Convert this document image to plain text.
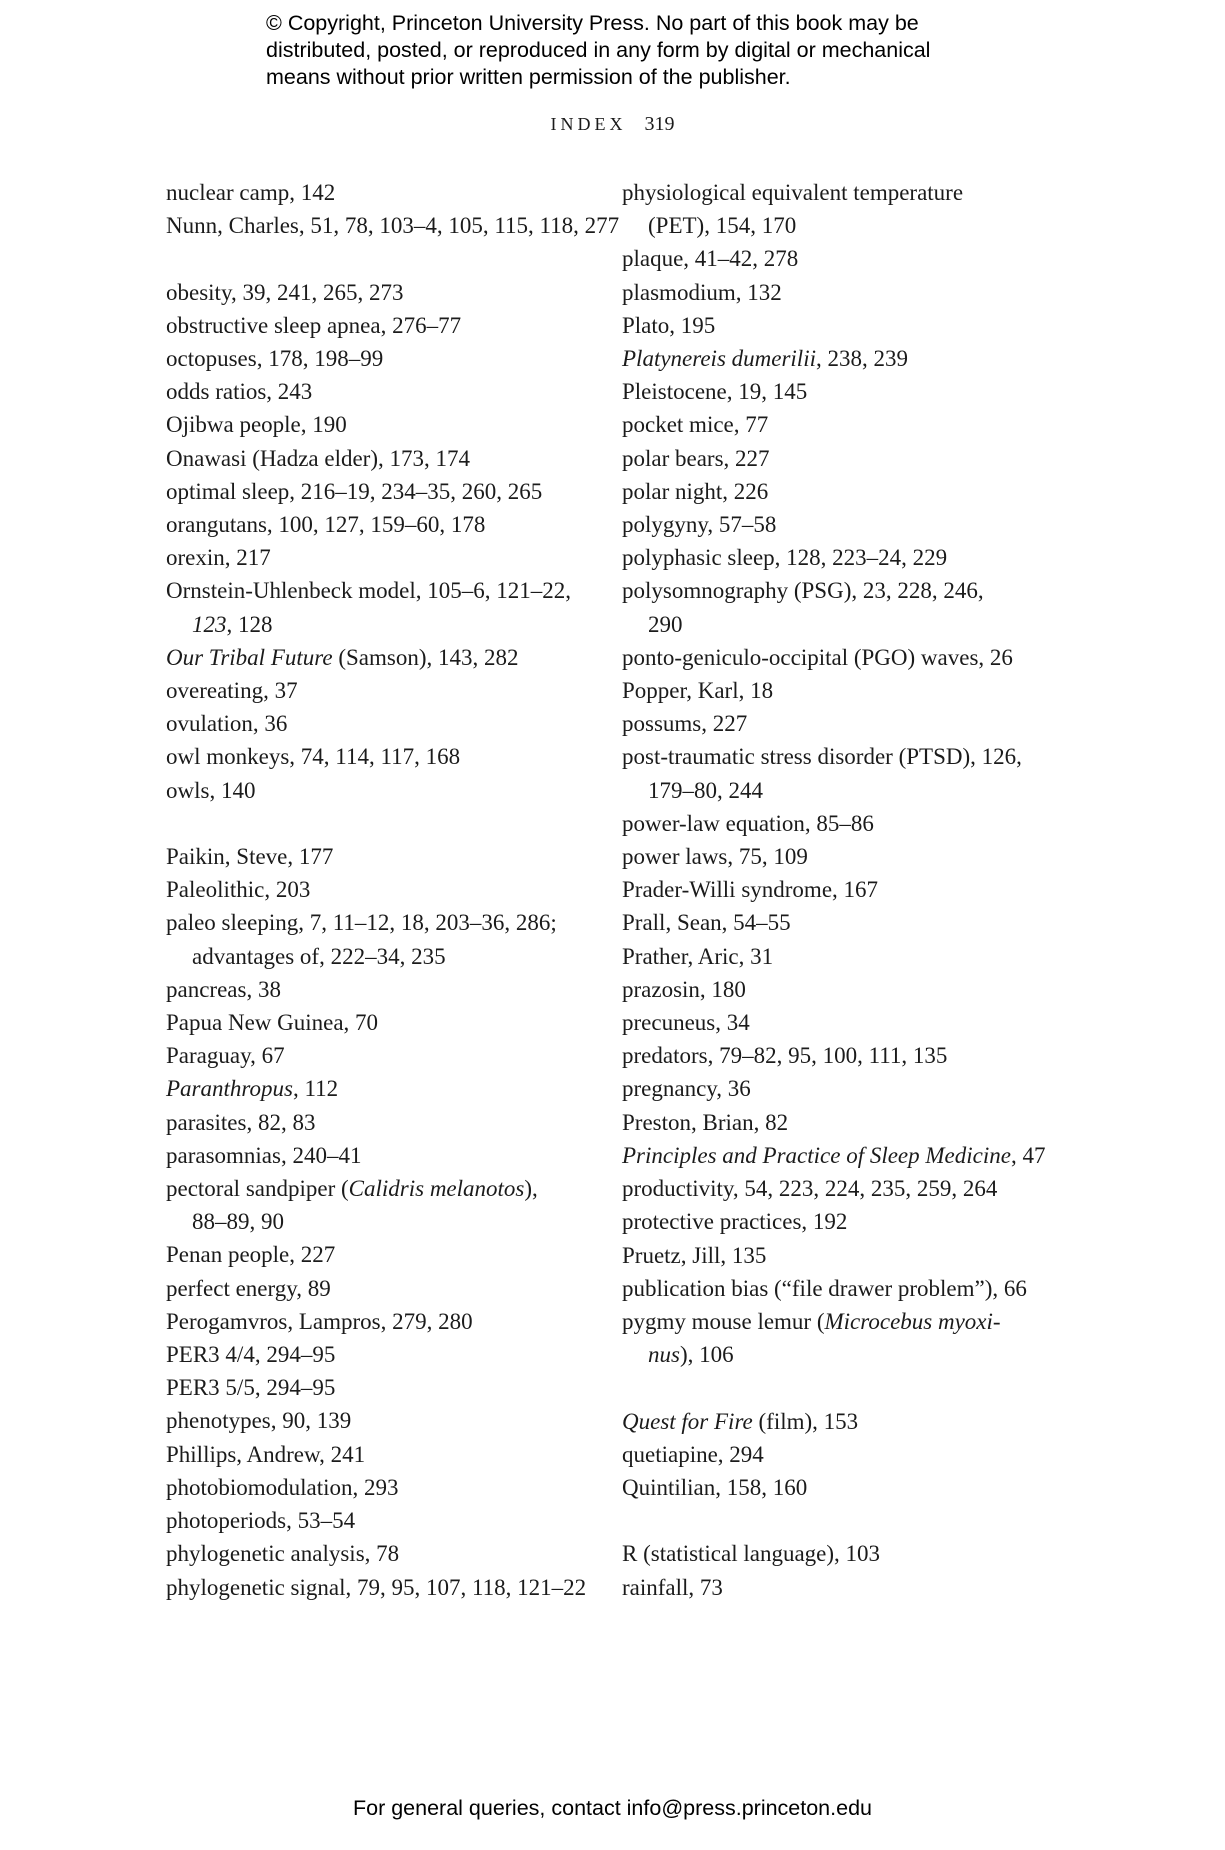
© Copyright, Princeton University Press. No part of this book may be
distributed, posted, or reproduced in any form by digital or mechanical
means without prior written permission of the publisher.
INDEX 319
nuclear camp, 142
Nunn, Charles, 51, 78, 103–4, 105, 115, 118, 277
obesity, 39, 241, 265, 273
obstructive sleep apnea, 276–77
octopuses, 178, 198–99
odds ratios, 243
Ojibwa people, 190
Onawasi (Hadza elder), 173, 174
optimal sleep, 216–19, 234–35, 260, 265
orangutans, 100, 127, 159–60, 178
orexin, 217
Ornstein-Uhlenbeck model, 105–6, 121–22,
123, 128
Our Tribal Future (Samson), 143, 282
overeating, 37
ovulation, 36
owl monkeys, 74, 114, 117, 168
owls, 140
Paikin, Steve, 177
Paleolithic, 203
paleo sleeping, 7, 11–12, 18, 203–36, 286;
advantages of, 222–34, 235
pancreas, 38
Papua New Guinea, 70
Paraguay, 67
Paranthropus, 112
parasites, 82, 83
parasomnias, 240–41
pectoral sandpiper (Calidris melanotos),
88–89, 90
Penan people, 227
perfect energy, 89
Perogamvros, Lampros, 279, 280
PER3 4/4, 294–95
PER3 5/5, 294–95
phenotypes, 90, 139
Phillips, Andrew, 241
photobiomodulation, 293
photoperiods, 53–54
phylogenetic analysis, 78
phylogenetic signal, 79, 95, 107, 118, 121–22
physiological equivalent temperature
(PET), 154, 170
plaque, 41–42, 278
plasmodium, 132
Plato, 195
Platynereis dumerilii, 238, 239
Pleistocene, 19, 145
pocket mice, 77
polar bears, 227
polar night, 226
polygyny, 57–58
polyphasic sleep, 128, 223–24, 229
polysomnography (PSG), 23, 228, 246,
290
ponto-geniculo-occipital (PGO) waves, 26
Popper, Karl, 18
possums, 227
post-traumatic stress disorder (PTSD), 126,
179–80, 244
power-law equation, 85–86
power laws, 75, 109
Prader-Willi syndrome, 167
Prall, Sean, 54–55
Prather, Aric, 31
prazosin, 180
precuneus, 34
predators, 79–82, 95, 100, 111, 135
pregnancy, 36
Preston, Brian, 82
Principles and Practice of Sleep Medicine, 47
productivity, 54, 223, 224, 235, 259, 264
protective practices, 192
Pruetz, Jill, 135
publication bias (“file drawer problem”), 66
pygmy mouse lemur (Microcebus myoxi-
nus), 106
Quest for Fire (film), 153
quetiapine, 294
Quintilian, 158, 160
R (statistical language), 103
rainfall, 73
For general queries, contact info@press.princeton.edu
